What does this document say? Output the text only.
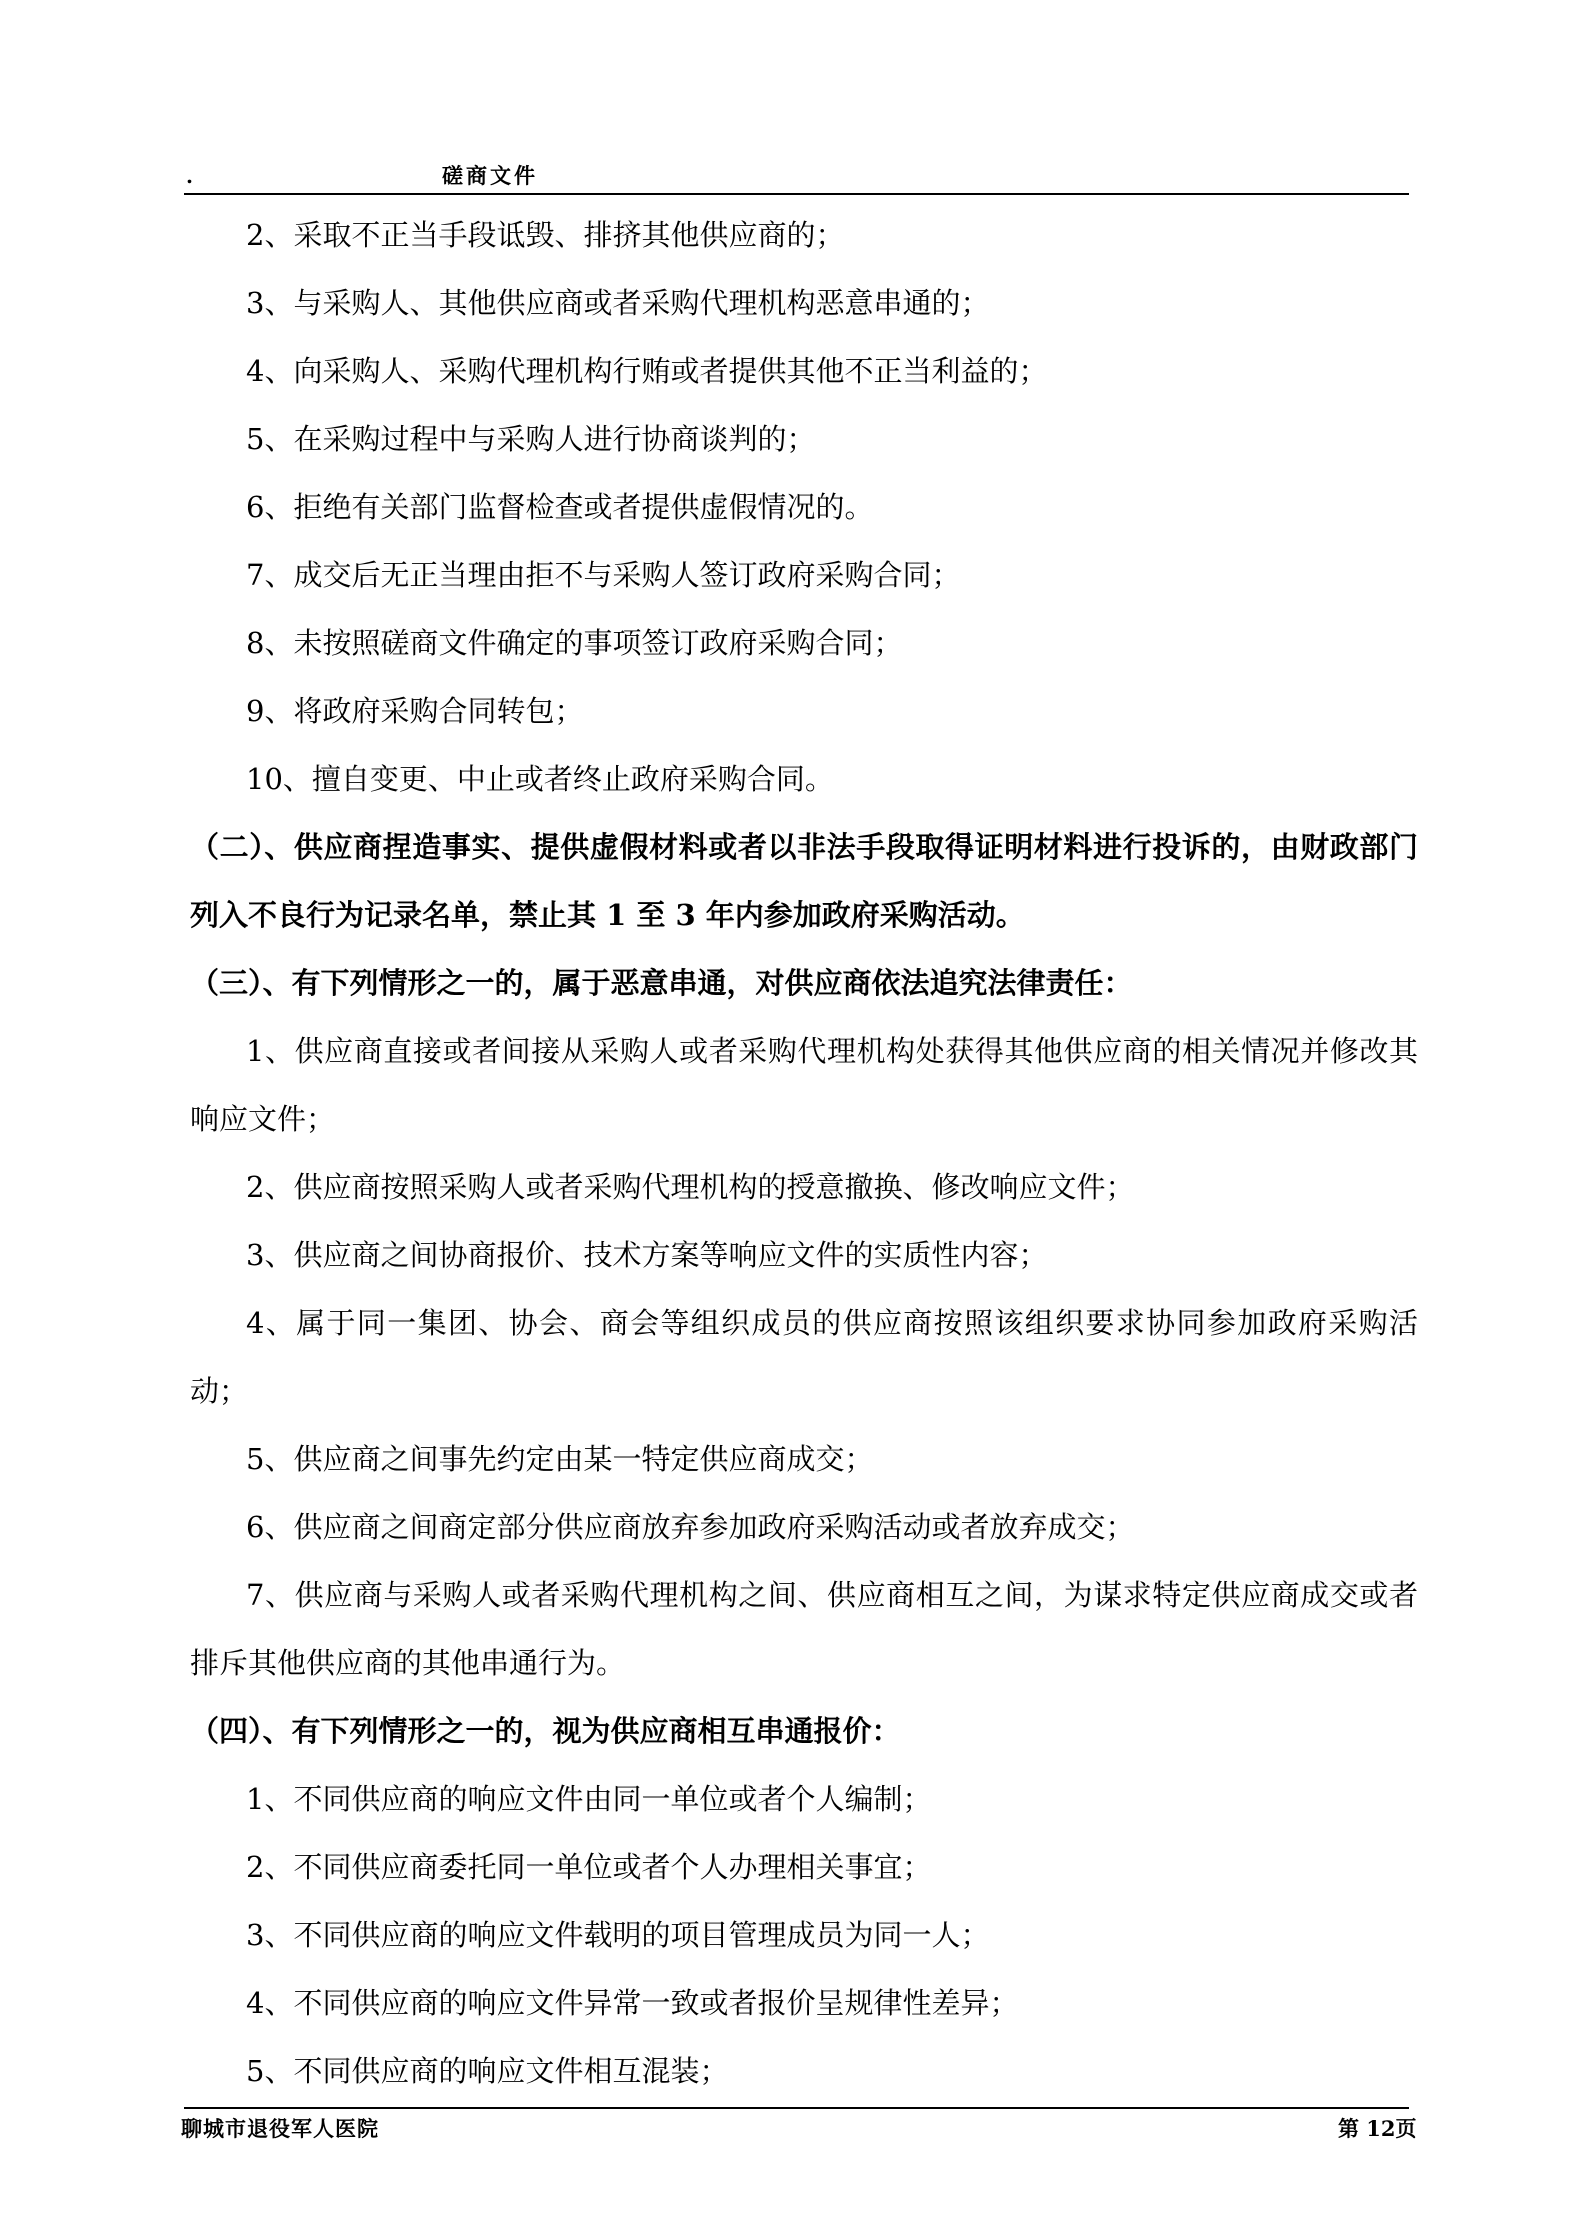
.	磋商文件

2、采取不正当手段诋毁、排挤其他供应商的；

3、与采购人、其他供应商或者采购代理机构恶意串通的；

4、向采购人、采购代理机构行贿或者提供其他不正当利益的；

5、在采购过程中与采购人进行协商谈判的；

6、拒绝有关部门监督检查或者提供虚假情况的。

7、成交后无正当理由拒不与采购人签订政府采购合同；

8、未按照磋商文件确定的事项签订政府采购合同；

9、将政府采购合同转包；

10、擅自变更、中止或者终止政府采购合同。

（二）、供应商捏造事实、提供虚假材料或者以非法手段取得证明材料进行投诉的，由财政部门列入不良行为记录名单，禁止其 1 至 3 年内参加政府采购活动。

（三）、有下列情形之一的，属于恶意串通，对供应商依法追究法律责任：

1、供应商直接或者间接从采购人或者采购代理机构处获得其他供应商的相关情况并修改其响应文件；

2、供应商按照采购人或者采购代理机构的授意撤换、修改响应文件；

3、供应商之间协商报价、技术方案等响应文件的实质性内容；

4、属于同一集团、协会、商会等组织成员的供应商按照该组织要求协同参加政府采购活动；

5、供应商之间事先约定由某一特定供应商成交；

6、供应商之间商定部分供应商放弃参加政府采购活动或者放弃成交；

7、供应商与采购人或者采购代理机构之间、供应商相互之间，为谋求特定供应商成交或者排斥其他供应商的其他串通行为。

（四）、有下列情形之一的，视为供应商相互串通报价：

1、不同供应商的响应文件由同一单位或者个人编制；

2、不同供应商委托同一单位或者个人办理相关事宜；

3、不同供应商的响应文件载明的项目管理成员为同一人；

4、不同供应商的响应文件异常一致或者报价呈规律性差异；

5、不同供应商的响应文件相互混装；

聊城市退役军人医院	第 12页
